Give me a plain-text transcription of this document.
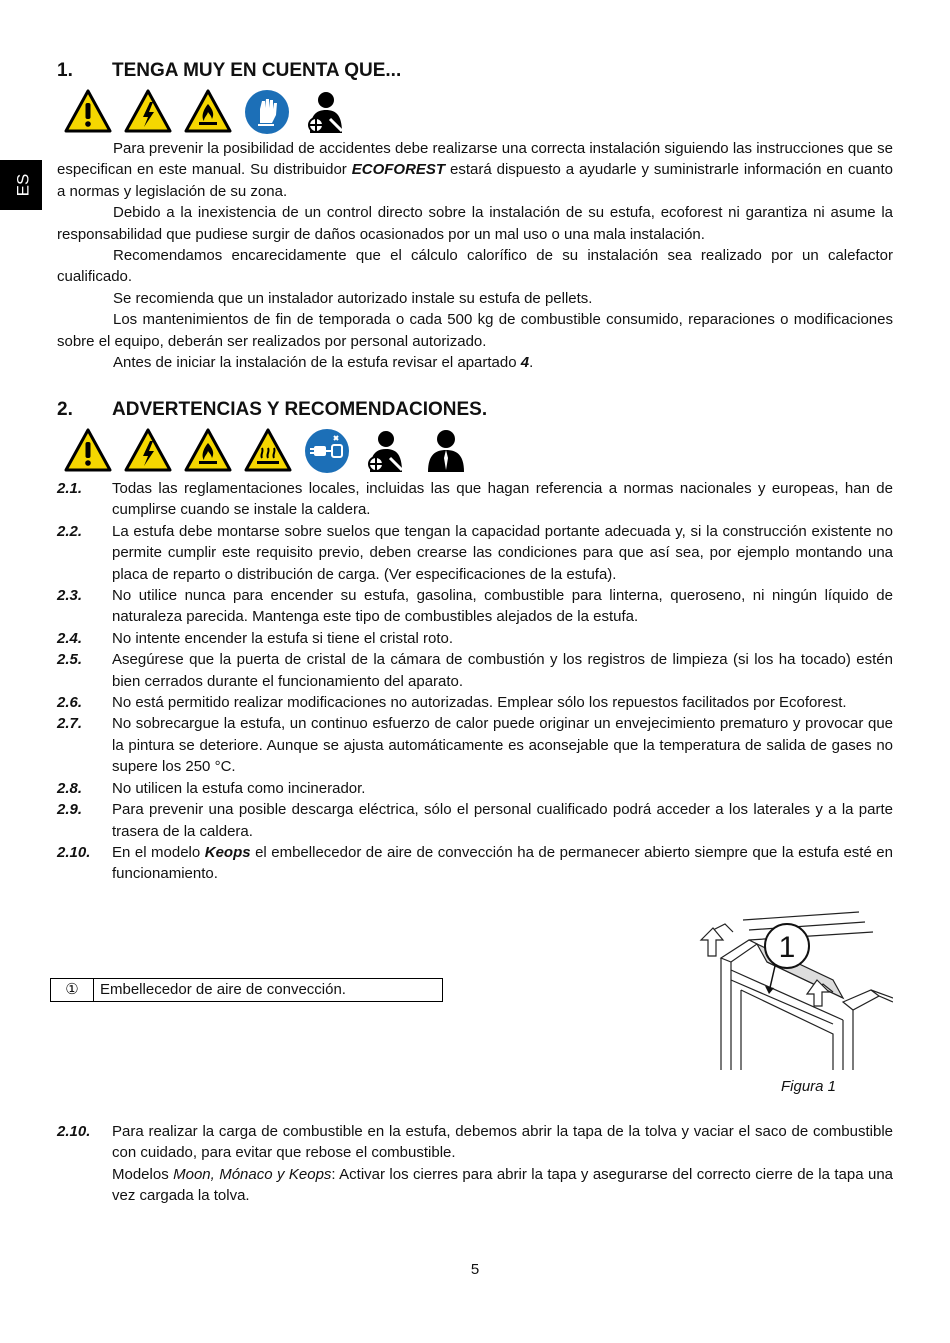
ES
1. TENGA MUY EN CUENTA QUE...

Para prevenir la posibilidad de accidentes debe realizarse una correcta instalación siguiendo las instrucciones que se especifican en este manual. Su distribuidor ECOFOREST estará dispuesto a ayudarle y suministrarle información en cuanto a normas y legislación de su zona.

Debido a la inexistencia de un control directo sobre la instalación de su estufa, ecoforest ni garantiza ni asume la responsabilidad que pudiese surgir de daños ocasionados por un mal uso o una mala instalación.

Recomendamos encarecidamente que el cálculo calorífico de su instalación sea realizado por un calefactor cualificado.

Se recomienda que un instalador autorizado instale su estufa de pellets.

Los mantenimientos de fin de temporada o cada 500 kg de combustible consumido, reparaciones o modificaciones sobre el equipo, deberán ser realizados por personal autorizado.

Antes de iniciar la instalación de la estufa revisar el apartado 4.

2. ADVERTENCIAS Y RECOMENDACIONES.
2.1.	Todas las reglamentaciones locales, incluidas las que hagan referencia a normas nacionales y europeas, han de cumplirse cuando se instale la caldera.
2.2.	La estufa debe montarse sobre suelos que tengan la capacidad portante adecuada y, si la construcción existente no permite cumplir este requisito previo, deben crearse las condiciones para que así sea, por ejemplo montando una placa de reparto o distribución de carga. (Ver especificaciones de la estufa).
2.3.	No utilice nunca para encender su estufa, gasolina, combustible para linterna, queroseno, ni ningún líquido de naturaleza parecida. Mantenga este tipo de combustibles alejados de la estufa.
2.4.	No intente encender la estufa si tiene el cristal roto.
2.5.	Asegúrese que la puerta de cristal de la cámara de combustión y los registros de limpieza (si los ha tocado) estén bien cerrados durante el funcionamiento del aparato.
2.6.	No está permitido realizar modificaciones no autorizadas. Emplear sólo los repuestos facilitados por Ecoforest.
2.7.	No sobrecargue la estufa, un continuo esfuerzo de calor puede originar un envejecimiento prematuro y provocar que la pintura se deteriore. Aunque se ajusta automáticamente es aconsejable que la temperatura de salida de gases no supere los 250 °C.
2.8.	No utilicen la estufa como incinerador.
2.9.	Para prevenir una posible descarga eléctrica, sólo el personal cualificado podrá acceder a los laterales y a la parte trasera de la caldera.
2.10.	En el modelo Keops el embellecedor de aire de convección ha de permanecer abierto siempre que la estufa esté en funcionamiento.
①	Embellecedor de aire de convección.
1
Figura 1
2.10.	Para realizar la carga de combustible en la estufa, debemos abrir la tapa de la tolva y vaciar el saco de combustible con cuidado, para evitar que rebose el combustible.
Modelos Moon, Mónaco y Keops: Activar los cierres para abrir la tapa y asegurarse del correcto cierre de la tapa una vez cargada la tolva.
5
